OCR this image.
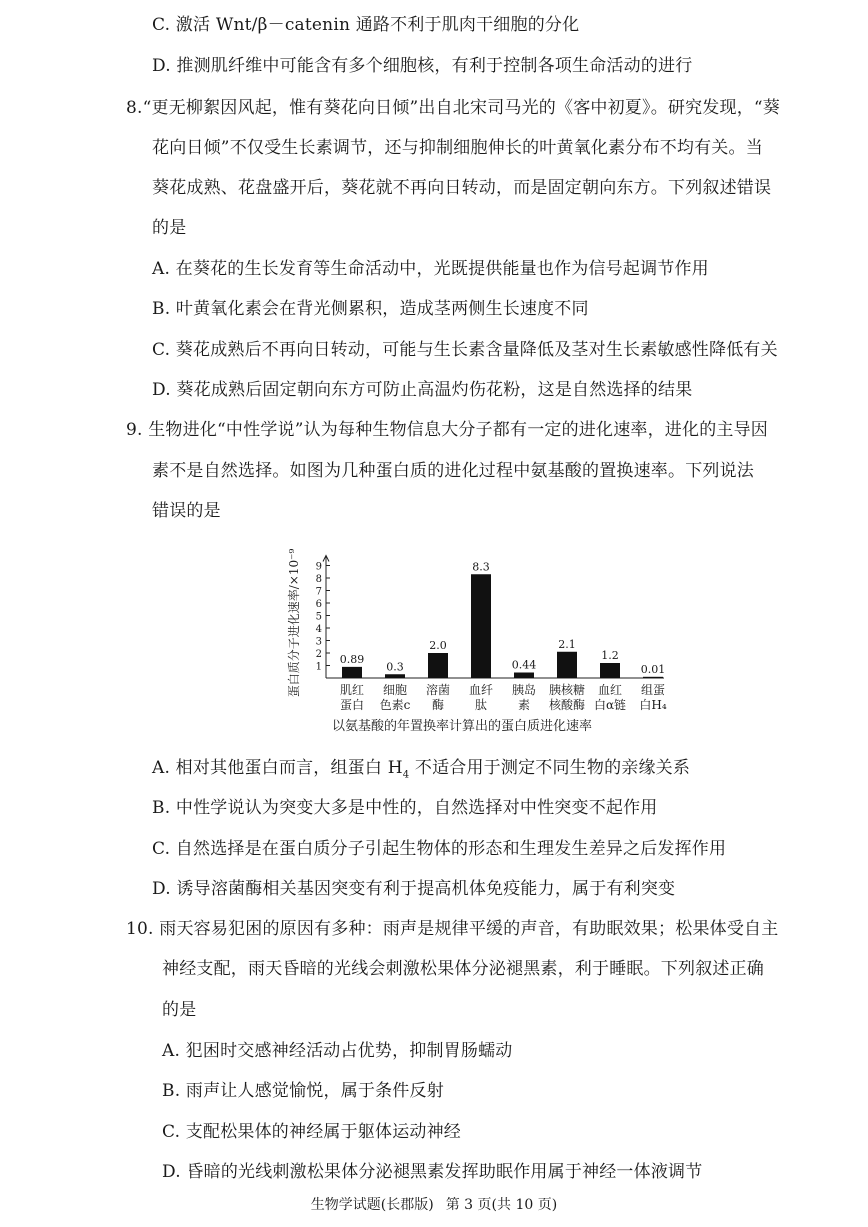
C. 激活 Wnt/β－catenin 通路不利于肌肉干细胞的分化
D. 推测肌纤维中可能含有多个细胞核，有利于控制各项生命活动的进行
8.“更无柳絮因风起，惟有葵花向日倾”出自北宋司马光的《客中初夏》。研究发现，“葵
花向日倾”不仅受生长素调节，还与抑制细胞伸长的叶黄氧化素分布不均有关。当
葵花成熟、花盘盛开后，葵花就不再向日转动，而是固定朝向东方。下列叙述错误
的是
A. 在葵花的生长发育等生命活动中，光既提供能量也作为信号起调节作用
B. 叶黄氧化素会在背光侧累积，造成茎两侧生长速度不同
C. 葵花成熟后不再向日转动，可能与生长素含量降低及茎对生长素敏感性降低有关
D. 葵花成熟后固定朝向东方可防止高温灼伤花粉，这是自然选择的结果
9. 生物进化“中性学说”认为每种生物信息大分子都有一定的进化速率，进化的主导因
素不是自然选择。如图为几种蛋白质的进化过程中氨基酸的置换速率。下列说法
错误的是
1
2
3
4
5
6
7
8
9
蛋白质分子进化速率/×10⁻⁹	0.89
肌红
蛋白
0.3
细胞
色素c
2.0
溶菌
酶
8.3
血纤
肽
0.44
胰岛
素
2.1
胰核糖
核酸酶
1.2
血红
白α链
0.01
组蛋
白H₄
以氨基酸的年置换率计算出的蛋白质进化速率
A. 相对其他蛋白而言，组蛋白 $H_4$ 不适合用于测定不同生物的亲缘关系
B. 中性学说认为突变大多是中性的，自然选择对中性突变不起作用
C. 自然选择是在蛋白质分子引起生物体的形态和生理发生差异之后发挥作用
D. 诱导溶菌酶相关基因突变有利于提高机体免疫能力，属于有利突变
10. 雨天容易犯困的原因有多种：雨声是规律平缓的声音，有助眠效果；松果体受自主
神经支配，雨天昏暗的光线会刺激松果体分泌褪黑素，利于睡眠。下列叙述正确
的是
A. 犯困时交感神经活动占优势，抑制胃肠蠕动
B. 雨声让人感觉愉悦，属于条件反射
C. 支配松果体的神经属于躯体运动神经
D. 昏暗的光线刺激松果体分泌褪黑素发挥助眠作用属于神经一体液调节
生物学试题(长郡版) 第 3 页(共 10 页)
